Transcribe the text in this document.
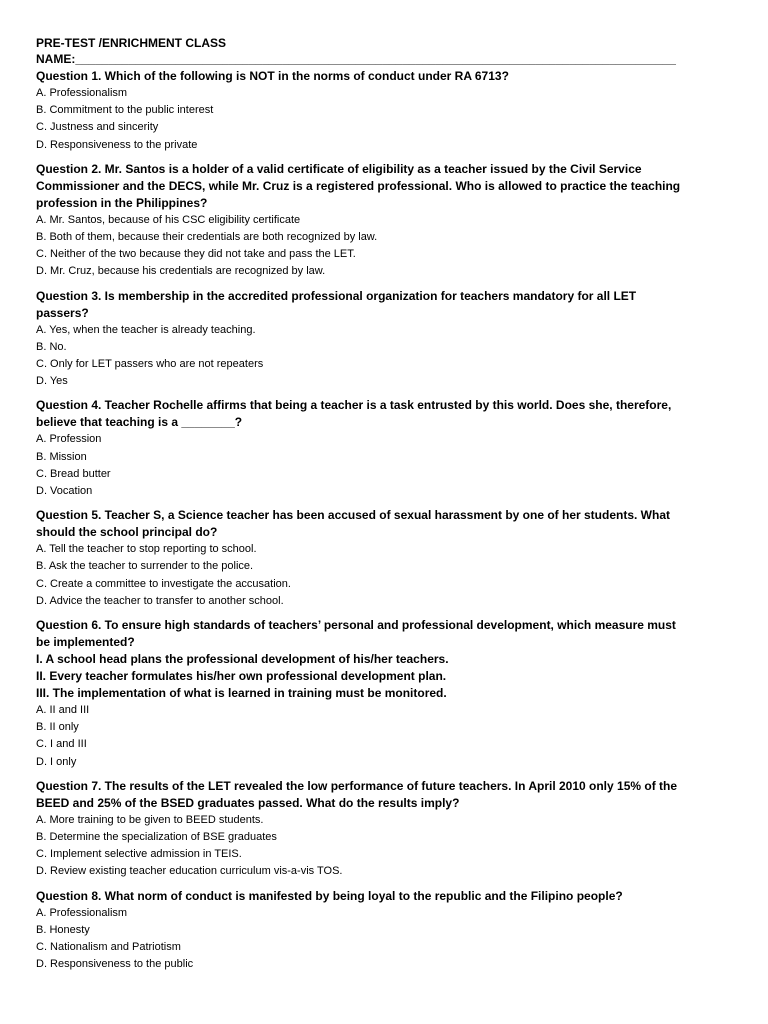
PRE-TEST /ENRICHMENT CLASS
NAME:__________________________________________________________________________________________
Question 1. Which of the following is NOT in the norms of conduct under RA 6713?
A. Professionalism
B. Commitment to the public interest
C. Justness and sincerity
D. Responsiveness to the private
Question 2. Mr. Santos is a holder of a valid certificate of eligibility as a teacher issued by the Civil Service Commissioner and the DECS, while Mr. Cruz is a registered professional. Who is allowed to practice the teaching profession in the Philippines?
A. Mr. Santos, because of his CSC eligibility certificate
B. Both of them, because their credentials are both recognized by law.
C. Neither of the two because they did not take and pass the LET.
D. Mr. Cruz, because his credentials are recognized by law.
Question 3. Is membership in the accredited professional organization for teachers mandatory for all LET passers?
A. Yes, when the teacher is already teaching.
B. No.
C. Only for LET passers who are not repeaters
D. Yes
Question 4. Teacher Rochelle affirms that being a teacher is a task entrusted by this world. Does she, therefore, believe that teaching is a ________?
A. Profession
B. Mission
C. Bread butter
D. Vocation
Question 5. Teacher S, a Science teacher has been accused of sexual harassment by one of her students. What should the school principal do?
A. Tell the teacher to stop reporting to school.
B. Ask the teacher to surrender to the police.
C. Create a committee to investigate the accusation.
D. Advice the teacher to transfer to another school.
Question 6. To ensure high standards of teachers’ personal and professional development, which measure must be implemented?
I. A school head plans the professional development of his/her teachers.
II. Every teacher formulates his/her own professional development plan.
III. The implementation of what is learned in training must be monitored.
A. II and III
B. II only
C. I and III
D. I only
Question 7. The results of the LET revealed the low performance of future teachers. In April 2010 only 15% of the BEED and 25% of the BSED graduates passed. What do the results imply?
A. More training to be given to BEED students.
B. Determine the specialization of BSE graduates
C. Implement selective admission in TEIS.
D. Review existing teacher education curriculum vis-a-vis TOS.
Question 8. What norm of conduct is manifested by being loyal to the republic and the Filipino people?
A. Professionalism
B. Honesty
C. Nationalism and Patriotism
D. Responsiveness to the public
